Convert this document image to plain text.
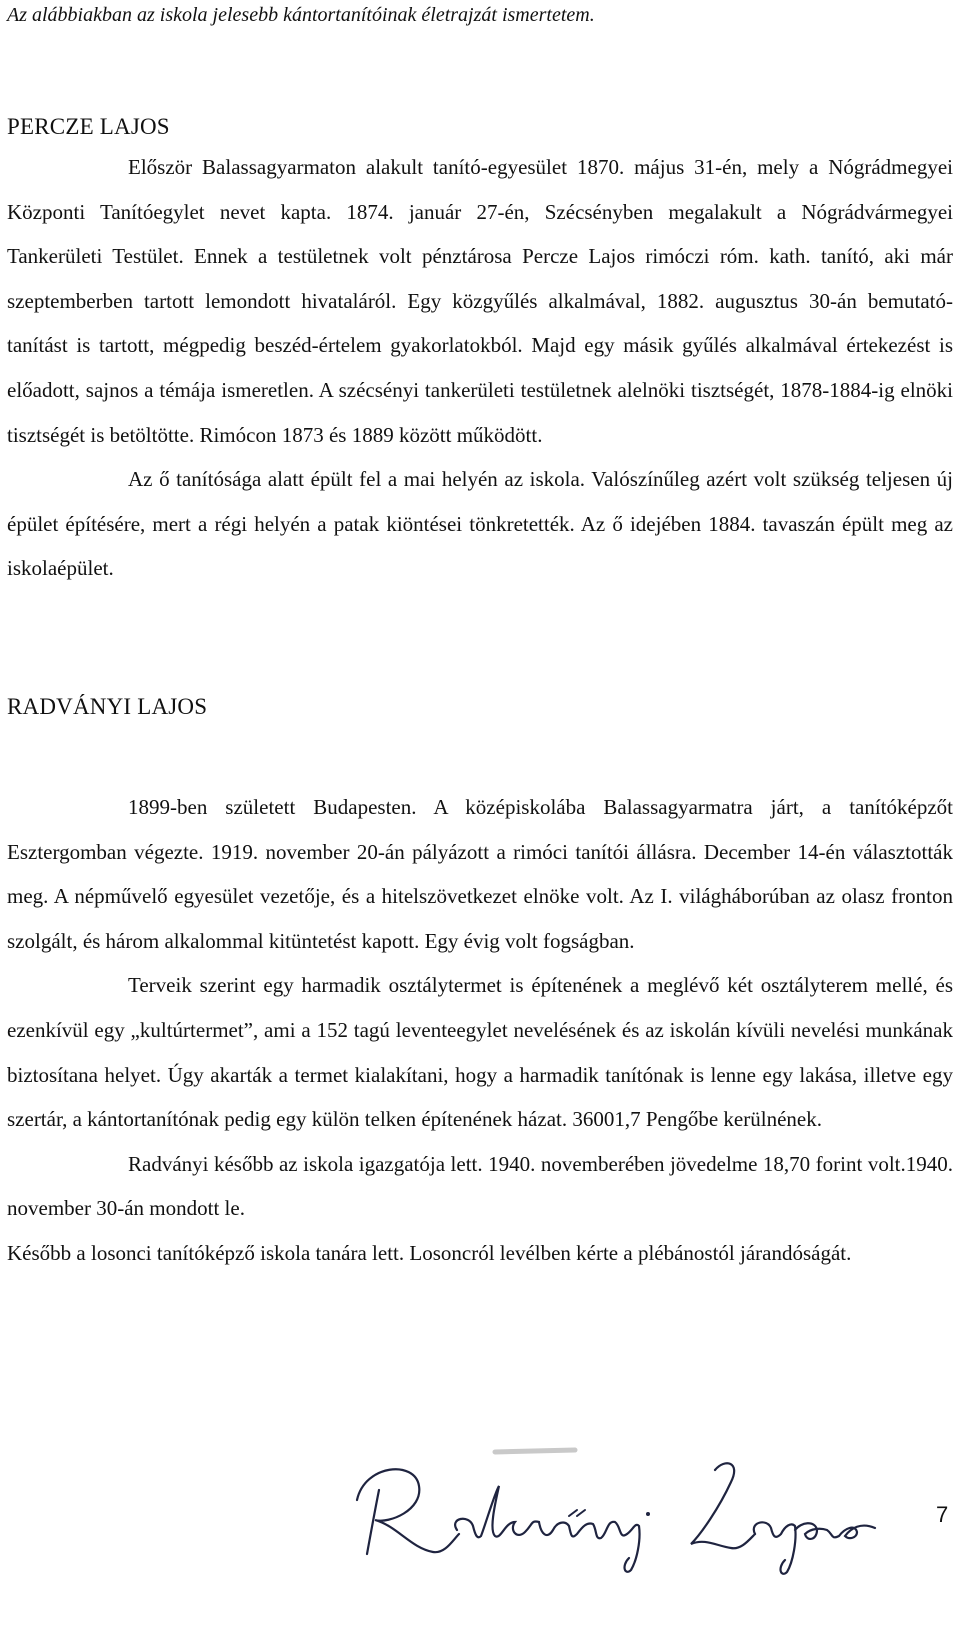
Az alábbiakban az iskola jelesebb kántortanítóinak életrajzát ismertetem.
PERCZE LAJOS

Először Balassagyarmaton alakult tanító-egyesület 1870. május 31-én, mely a Nógrádmegyei Központi Tanítóegylet nevet kapta. 1874. január 27-én, Szécsényben megalakult a Nógrádvármegyei Tankerületi Testület. Ennek a testületnek volt pénztárosa Percze Lajos rimóczi róm. kath. tanító, aki már szeptemberben tartott lemondott hivataláról. Egy közgyűlés alkalmával, 1882. augusztus 30-án bemutató-tanítást is tartott, mégpedig beszéd-értelem gyakorlatokból. Majd egy másik gyűlés alkalmával értekezést is előadott, sajnos a témája ismeretlen. A szécsényi tankerületi testületnek alelnöki tisztségét, 1878-1884-ig elnöki tisztségét is betöltötte. Rimócon 1873 és 1889 között működött.

Az ő tanítósága alatt épült fel a mai helyén az iskola. Valószínűleg azért volt szükség teljesen új épület építésére, mert a régi helyén a patak kiöntései tönkretették. Az ő idejében 1884. tavaszán épült meg az iskolaépület.

RADVÁNYI LAJOS

1899-ben született Budapesten. A középiskolába Balassagyarmatra járt, a tanítóképzőt Esztergomban végezte. 1919. november 20-án pályázott a rimóci tanítói állásra. December 14-én választották meg. A népművelő egyesület vezetője, és a hitelszövetkezet elnöke volt. Az I. világháborúban az olasz fronton szolgált, és három alkalommal kitüntetést kapott. Egy évig volt fogságban.

Terveik szerint egy harmadik osztálytermet is építenének a meglévő két osztályterem mellé, és ezenkívül egy „kultúrtermet”, ami a 152 tagú leventeegylet nevelésének és az iskolán kívüli nevelési munkának biztosítana helyet. Úgy akarták a termet kialakítani, hogy a harmadik tanítónak is lenne egy lakása, illetve egy szertár, a kántortanítónak pedig egy külön telken építenének házat. 36001,7 Pengőbe kerülnének.

Radványi később az iskola igazgatója lett. 1940. novemberében jövedelme 18,70 forint volt.1940. november 30-án mondott le.

Később a losonci tanítóképző iskola tanára lett. Losoncról levélben kérte a plébánostól járandóságát.

7
